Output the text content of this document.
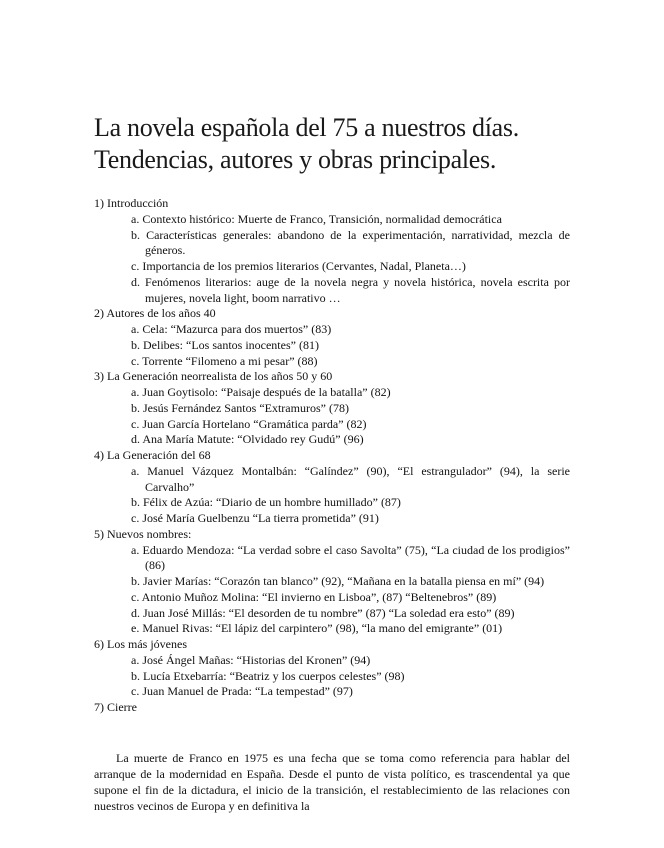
La novela española del 75 a nuestros días.
Tendencias, autores y obras principales.
1) Introducción
a. Contexto histórico: Muerte de Franco, Transición, normalidad democrática
b. Características generales: abandono de la experimentación, narratividad, mezcla de géneros.
c. Importancia de los premios literarios (Cervantes, Nadal, Planeta…)
d. Fenómenos literarios: auge de la novela negra y novela histórica, novela escrita por mujeres, novela light, boom narrativo …
2) Autores de los años 40
a. Cela: “Mazurca para dos muertos” (83)
b. Delibes: “Los santos inocentes” (81)
c. Torrente “Filomeno a mi pesar” (88)
3) La Generación neorrealista de los años 50 y 60
a. Juan Goytisolo: “Paisaje después de la batalla” (82)
b. Jesús Fernández Santos “Extramuros” (78)
c. Juan García Hortelano “Gramática parda” (82)
d. Ana María Matute: “Olvidado rey Gudú” (96)
4) La Generación del 68
a. Manuel Vázquez Montalbán: “Galíndez” (90), “El estrangulador” (94), la serie Carvalho”
b. Félix de Azúa: “Diario de un hombre humillado” (87)
c. José María Guelbenzu “La tierra prometida” (91)
5) Nuevos nombres:
a. Eduardo Mendoza: “La verdad sobre el caso Savolta” (75), “La ciudad de los prodigios” (86)
b. Javier Marías: “Corazón tan blanco” (92), “Mañana en la batalla piensa en mí” (94)
c. Antonio Muñoz Molina: “El invierno en Lisboa”, (87) “Beltenebros” (89)
d. Juan José Millás: “El desorden de tu nombre” (87) “La soledad era esto” (89)
e. Manuel Rivas: “El lápiz del carpintero” (98), “la mano del emigrante” (01)
6) Los más jóvenes
a. José Ángel Mañas: “Historias del Kronen” (94)
b. Lucía Etxebarría: “Beatriz y los cuerpos celestes” (98)
c. Juan Manuel de Prada: “La tempestad” (97)
7) Cierre

La muerte de Franco en 1975 es una fecha que se toma como referencia para hablar del arranque de la modernidad en España. Desde el punto de vista político, es trascendental ya que supone el fin de la dictadura, el inicio de la transición, el restablecimiento de las relaciones con nuestros vecinos de Europa y en definitiva la
